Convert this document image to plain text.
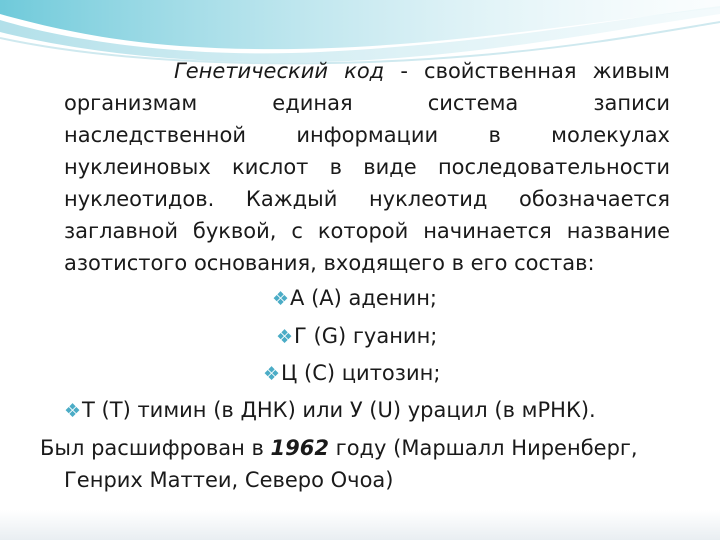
Генетический код - свойственная живым
организмам единая система записи
наследственной информации в молекулах
нуклеиновых кислот в виде последовательности
нуклеотидов. Каждый нуклеотид обозначается
заглавной буквой, с которой начинается название
азотистого основания, входящего в его состав:
❖А (А) аденин;
❖Г (G) гуанин;
❖Ц (С) цитозин;
❖Т (Т) тимин (в ДНК) или У (U) урацил (в мРНК).
Был расшифрован в 1962 году (Маршалл Ниренберг,
Генрих Маттеи, Северо Очоа)
